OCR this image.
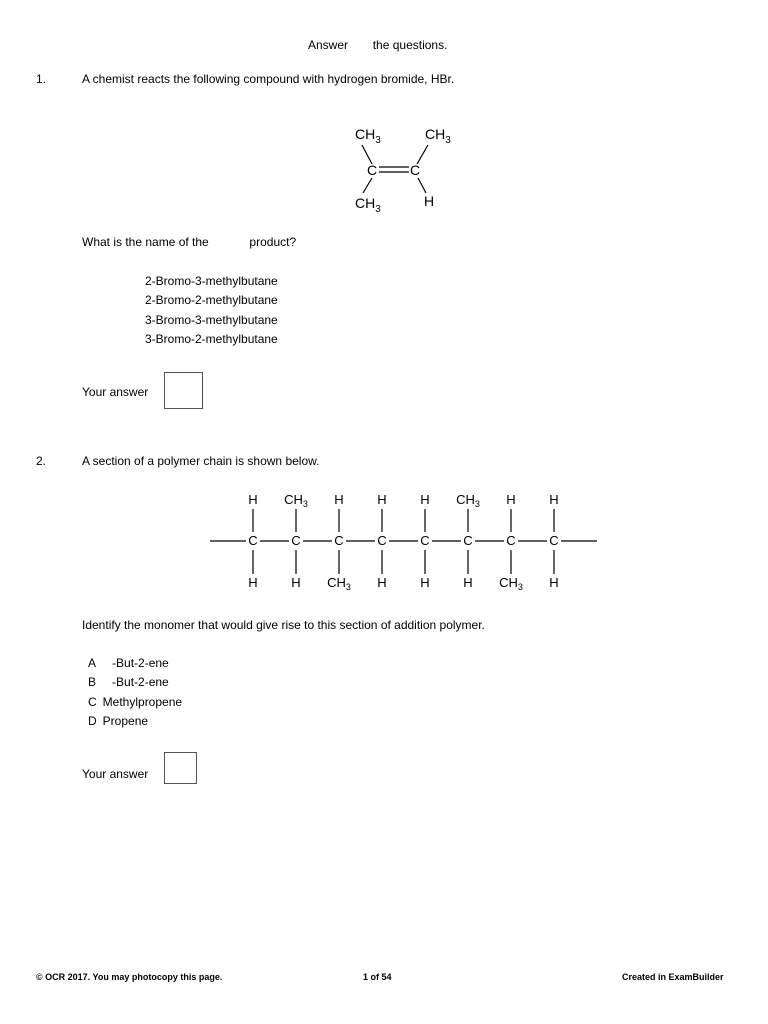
Answer the questions.
1.	A chemist reacts the following compound with hydrogen bromide, HBr.
$CH_3$	$CH_3$
C C
$CH_3$
H
What is the name of the	product?
2-Bromo-3-methylbutane
2-Bromo-2-methylbutane
3-Bromo-3-methylbutane
3-Bromo-2-methylbutane
Your answer
2.	A section of a polymer chain is shown below.
H
C
H
$CH_3$
C
H
H
C
$CH_3$
H
C
H
H
C
H
$CH_3$
C
H
H
C
$CH_3$
H
C
H
Identify the monomer that would give rise to this section of addition polymer.
A -But-2-ene
B -But-2-ene
C Methylpropene
D Propene
Your answer
© OCR 2017. You may photocopy this page.	1 of 54	Created in ExamBuilder
